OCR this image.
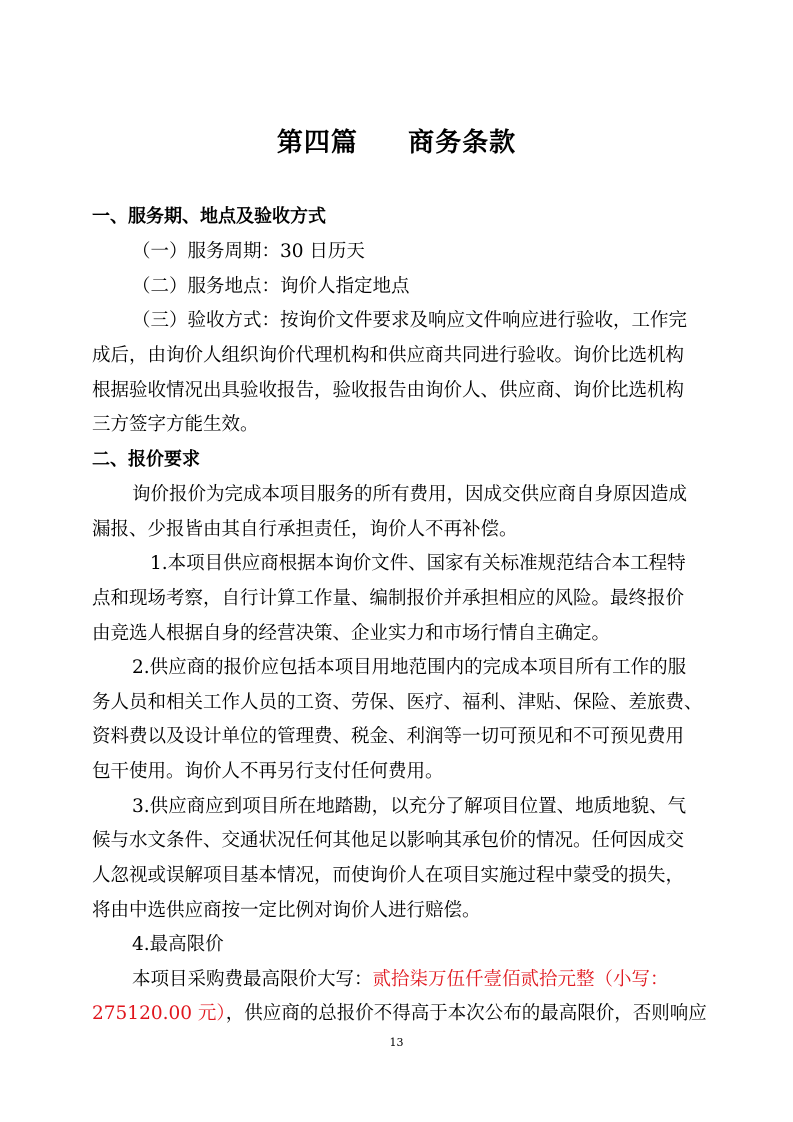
第四篇     商务条款
一、服务期、地点及验收方式
（一）服务周期：30 日历天
（二）服务地点：询价人指定地点
（三）验收方式：按询价文件要求及响应文件响应进行验收，工作完
成后，由询价人组织询价代理机构和供应商共同进行验收。询价比选机构
根据验收情况出具验收报告，验收报告由询价人、供应商、询价比选机构
三方签字方能生效。
二、报价要求
询价报价为完成本项目服务的所有费用，因成交供应商自身原因造成
漏报、少报皆由其自行承担责任，询价人不再补偿。
1.本项目供应商根据本询价文件、国家有关标准规范结合本工程特
点和现场考察，自行计算工作量、编制报价并承担相应的风险。最终报价
由竞选人根据自身的经营决策、企业实力和市场行情自主确定。
2.供应商的报价应包括本项目用地范围内的完成本项目所有工作的服
务人员和相关工作人员的工资、劳保、医疗、福利、津贴、保险、差旅费、
资料费以及设计单位的管理费、税金、利润等一切可预见和不可预见费用
包干使用。询价人不再另行支付任何费用。
3.供应商应到项目所在地踏勘，以充分了解项目位置、地质地貌、气
候与水文条件、交通状况任何其他足以影响其承包价的情况。任何因成交
人忽视或误解项目基本情况，而使询价人在项目实施过程中蒙受的损失，
将由中选供应商按一定比例对询价人进行赔偿。
4.最高限价
本项目采购费最高限价大写：贰拾柒万伍仟壹佰贰拾元整（小写：
275120.00 元），供应商的总报价不得高于本次公布的最高限价，否则响应
13
